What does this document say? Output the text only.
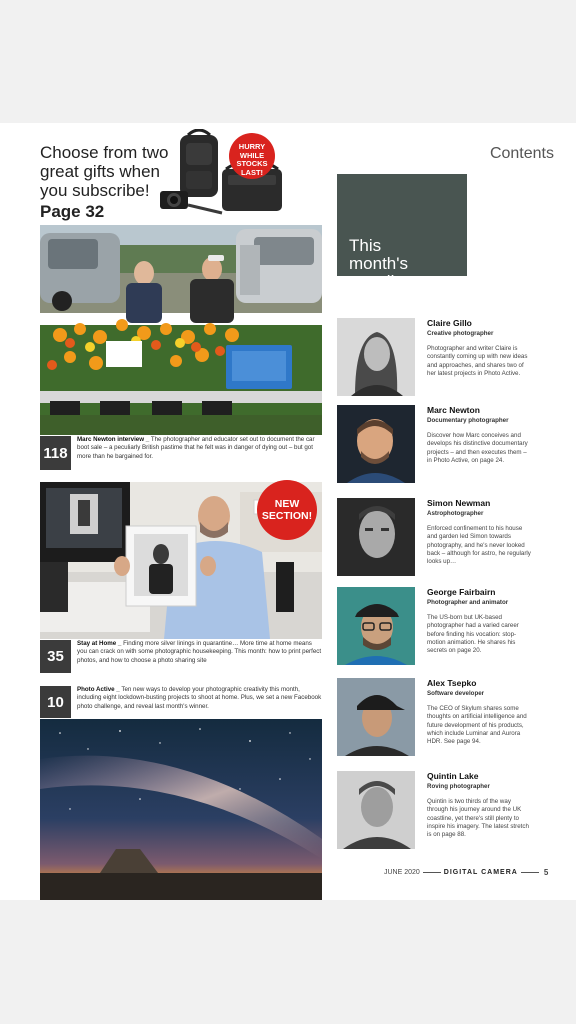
Choose from two
great gifts when
you subscribe!
Page 32
HURRY
WHILE
STOCKS
LAST!
Contents
118
Marc Newton interview _ The photographer and educator set out to document the car boot sale – a peculiarly British pastime that he felt was in danger of dying out – but got more than he bargained for.
NEW
SECTION!
35
Stay at Home _ Finding more silver linings in quarantine… More time at home means you can crack on with some photographic housekeeping. This month: how to print perfect photos, and how to choose a photo sharing site
10
Photo Active _ Ten new ways to develop your photographic creativity this month, including eight lockdown-busting projects to shoot at home. Plus, we set a new Facebook photo challenge, and reveal last month's winner.
This
month's
contributors
Claire Gillo
Creative photographer
Photographer and writer Claire is constantly coming up with new ideas and approaches, and shares two of her latest projects in Photo Active.
Marc Newton
Documentary photographer
Discover how Marc conceives and develops his distinctive documentary projects – and then executes them – in Photo Active, on page 24.
Simon Newman
Astrophotographer
Enforced confinement to his house and garden led Simon towards photography, and he's never looked back – although for astro, he regularly looks up…
George Fairbairn
Photographer and animator
The US-born but UK-based photographer had a varied career before finding his vocation: stop-motion animation. He shares his secrets on page 20.
Alex Tsepko
Software developer
The CEO of Skylum shares some thoughts on artificial intelligence and future development of his products, which include Luminar and Aurora HDR. See page 94.
Quintin Lake
Roving photographer
Quintin is two thirds of the way through his journey around the UK coastline, yet there's still plenty to inspire his imagery. The latest stretch is on page 88.
JUNE 2020	DIGITAL CAMERA	5
